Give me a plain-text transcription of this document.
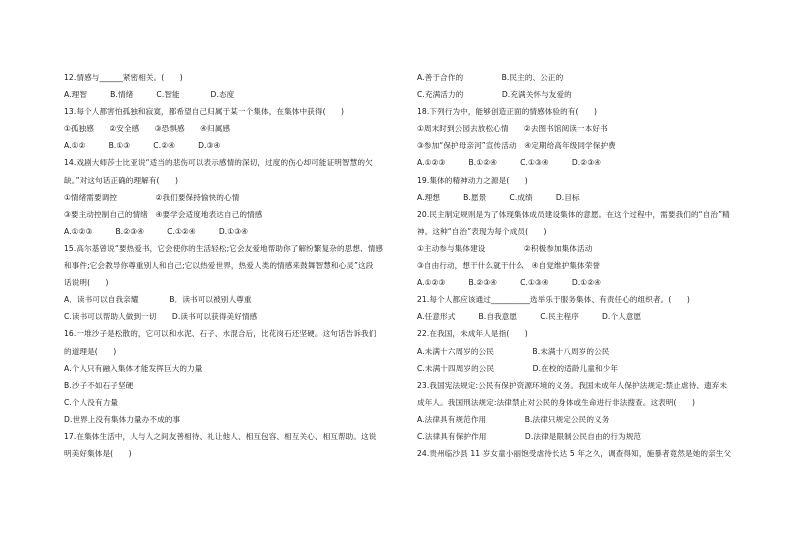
12.情感与______紧密相关。(　　)
A.理智　　　B.情绪　　　C.智能　　　　D.态度
13.每个人都害怕孤独和寂寞，都希望自己归属于某一个集体，在集体中获得(　　)
①孤独感　　②安全感　　③恐惧感　　④归属感
A.①②　　　B.①③　　　C.②④　　　D.③④
14.戏剧大师莎士比亚说“适当的悲伤可以表示感情的深切，过度的伤心却可能证明智慧的欠
缺。”对这句话正确的理解有(　　)
①情绪需要调控　　　　　②我们要保持愉快的心情
③要主动控制自己的情绪　④要学会适度地表达自己的情感
A.①②③　　　B.②③④　　　C.①②④　　　D.①③④
15.高尔基曾说“要热爱书，它会使你的生活轻松;它会友爱地帮助你了解纷繁复杂的思想、情感
和事件;它会教导你尊重别人和自己;它以热爱世界，热爱人类的情感来鼓舞智慧和心灵”这段
话说明(　　)
A．读书可以自我亲耀　　　　B．读书可以被别人尊重
C.读书可以帮助人做到一切　　D.读书可以获得美好情感
16.一堆沙子是松散的，它可以和水泥、石子、水混合后，比花岗石还坚硬。这句话告诉我们
的道理是(　　)
A.个人只有融入集体才能发挥巨大的力量
B.沙子不如石子坚硬
C.个人没有力量
D.世界上没有集体力量办不成的事
17.在集体生活中，人与人之间友善相待、礼让他人、相互包容、相互关心、相互帮助。这说
明美好集体是(　　)
A.善于合作的　　　　　B.民主的、公正的
C.充满活力的　　　　　D.充满关怀与友爱的
18.下列行为中，能够创造正面的情感体验的有(　　)
①周末时到公园去放松心情　　②去图书馆阅读一本好书
③参加“保护母亲河”宣传活动　④定期给高年级同学保护费
A.①②③　　　B.①②④　　　C.①③④　　　D.②③④
19.集体的精神动力之源是(　　)
A.理想　　　B.愿景　　　C.成绩　　　D.目标
20.民主制定规则是为了体现集体成员建设集体的意愿。在这个过程中，需要我们的“自治”精
神。这种“自治”表现为每个成员(　　)
①主动参与集体建设　　　　　②积极参加集体活动
③自由行动，想干什么就干什么　④自觉维护集体荣誉
A.①②③　　　B.②③④　　　C.①③④　　　D.①②④
21.每个人都应该通过__________选举乐于服务集体、有责任心的组织者。(　　)
A.任意形式　　　B.自我意愿　　　C.民主程序　　　D.个人意愿
22.在我国，未成年人是指(　　)
A.未满十六周岁的公民　　　　　B.未满十八周岁的公民
C.未满十四周岁的公民　　　　　D.在校的适龄儿童和少年
23.我国宪法规定:公民有保护资源环境的义务。我国未成年人保护法规定:禁止虐待、遗弃未
成年人。我国刑法规定:法律禁止对公民的身体或生命进行非法搜查。这表明(　　)
A.法律具有规范作用　　　　　B.法律只规定公民的义务
C.法律具有保护作用　　　　　D.法律是限制公民自由的行为规范
24.贵州临沙县 11 岁女童小丽饱受虐待长达 5 年之久，调查得知，施暴者竟然是她的亲生父
